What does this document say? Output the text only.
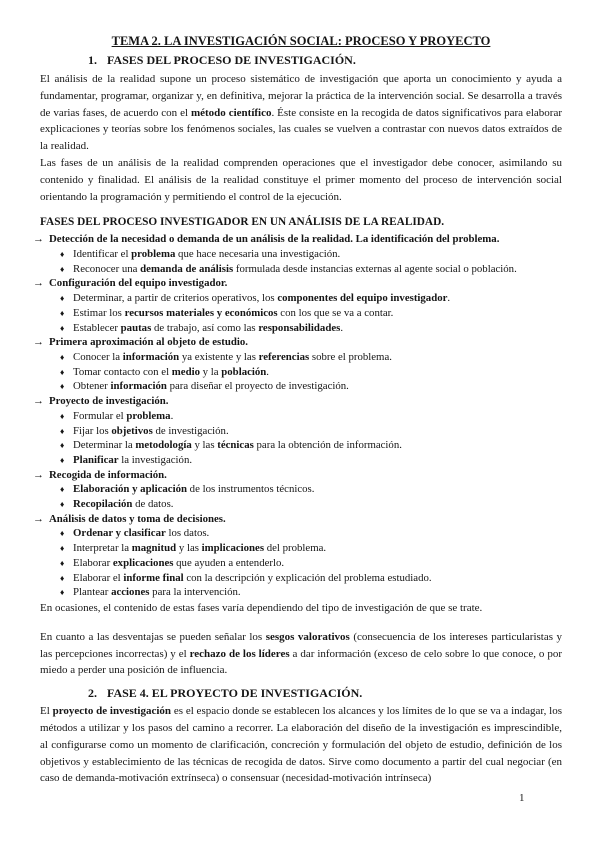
TEMA 2. LA INVESTIGACIÓN SOCIAL: PROCESO Y PROYECTO

1. FASES DEL PROCESO DE INVESTIGACIÓN.

El análisis de la realidad supone un proceso sistemático de investigación que aporta un conocimiento y ayuda a fundamentar, programar, organizar y, en definitiva, mejorar la práctica de la intervención social. Se desarrolla a través de varias fases, de acuerdo con el método científico. Éste consiste en la recogida de datos significativos para elaborar explicaciones y teorías sobre los fenómenos sociales, las cuales se vuelven a contrastar con nuevos datos extraídos de la realidad.

Las fases de un análisis de la realidad comprenden operaciones que el investigador debe conocer, asimilando su contenido y finalidad. El análisis de la realidad constituye el primer momento del proceso de intervención social orientando la programación y permitiendo el control de la ejecución.

FASES DEL PROCESO INVESTIGADOR EN UN ANÁLISIS DE LA REALIDAD.

→ Detección de la necesidad o demanda de un análisis de la realidad. La identificación del problema.
♦ Identificar el problema que hace necesaria una investigación.
♦ Reconocer una demanda de análisis formulada desde instancias externas al agente social o población.
→ Configuración del equipo investigador.
♦ Determinar, a partir de criterios operativos, los componentes del equipo investigador.
♦ Estimar los recursos materiales y económicos con los que se va a contar.
♦ Establecer pautas de trabajo, así como las responsabilidades.
→ Primera aproximación al objeto de estudio.
♦ Conocer la información ya existente y las referencias sobre el problema.
♦ Tomar contacto con el medio y la población.
♦ Obtener información para diseñar el proyecto de investigación.
→ Proyecto de investigación.
♦ Formular el problema.
♦ Fijar los objetivos de investigación.
♦ Determinar la metodología y las técnicas para la obtención de información.
♦ Planificar la investigación.
→ Recogida de información.
♦ Elaboración y aplicación de los instrumentos técnicos.
♦ Recopilación de datos.
→ Análisis de datos y toma de decisiones.
♦ Ordenar y clasificar los datos.
♦ Interpretar la magnitud y las implicaciones del problema.
♦ Elaborar explicaciones que ayuden a entenderlo.
♦ Elaborar el informe final con la descripción y explicación del problema estudiado.
♦ Plantear acciones para la intervención.

En ocasiones, el contenido de estas fases varía dependiendo del tipo de investigación de que se trate.

En cuanto a las desventajas se pueden señalar los sesgos valorativos (consecuencia de los intereses particularistas y las percepciones incorrectas) y el rechazo de los líderes a dar información (exceso de celo sobre lo que conoce, o por miedo a perder una posición de influencia.

2. FASE 4. EL PROYECTO DE INVESTIGACIÓN.

El proyecto de investigación es el espacio donde se establecen los alcances y los límites de lo que se va a indagar, los métodos a utilizar y los pasos del camino a recorrer. La elaboración del diseño de la investigación es imprescindible, al configurarse como un momento de clarificación, concreción y formulación del objeto de estudio, definición de los objetivos y establecimiento de las técnicas de recogida de datos. Sirve como documento a partir del cual negociar (en caso de demanda-motivación extrínseca) o consensuar (necesidad-motivación intrínseca)

1
